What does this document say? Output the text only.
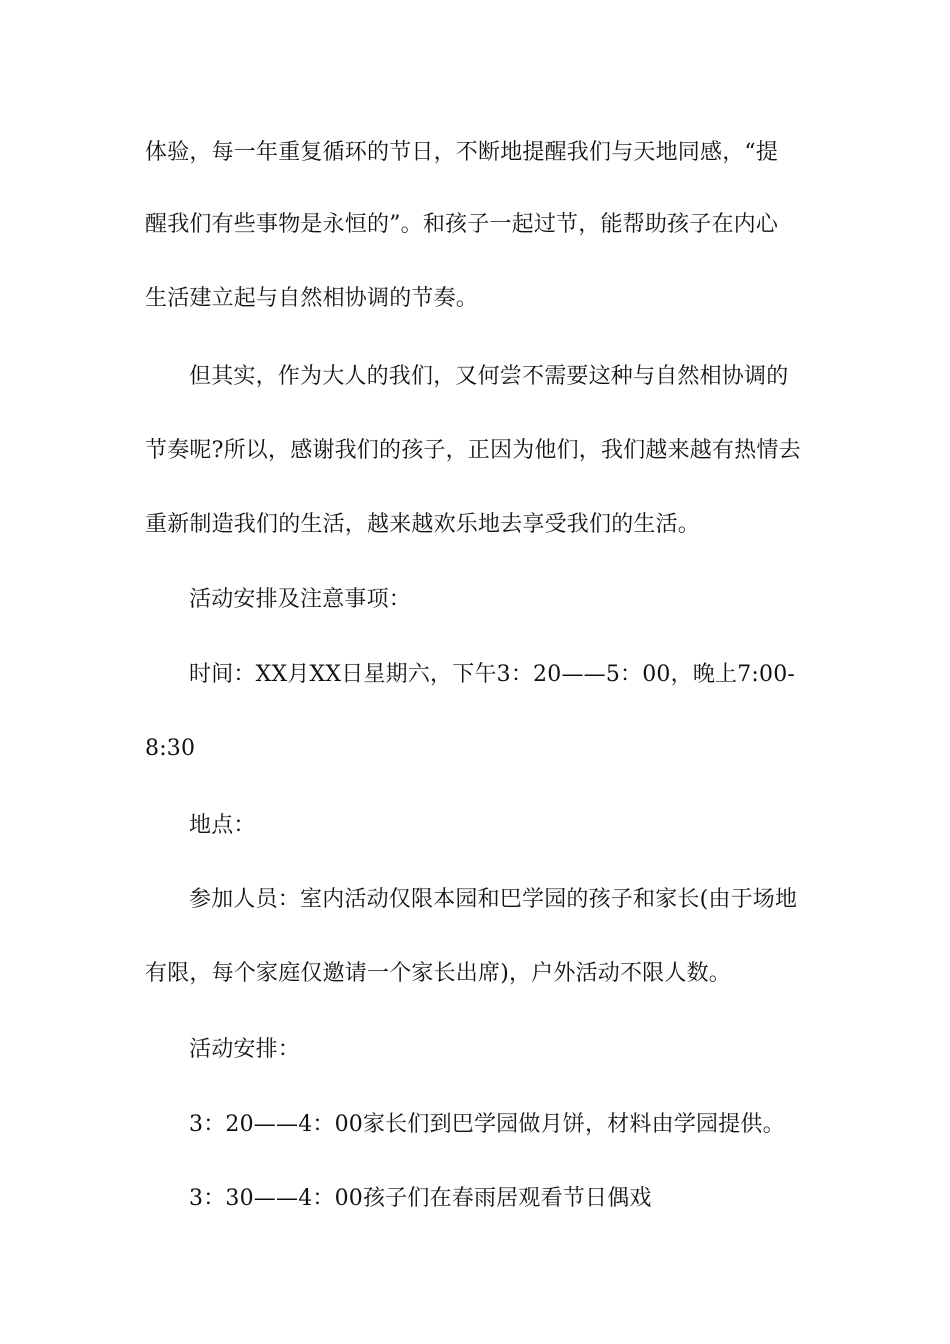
体验，每一年重复循环的节日，不断地提醒我们与天地同感，“提
醒我们有些事物是永恒的”。和孩子一起过节，能帮助孩子在内心
生活建立起与自然相协调的节奏。
但其实，作为大人的我们，又何尝不需要这种与自然相协调的
节奏呢?所以，感谢我们的孩子，正因为他们，我们越来越有热情去
重新制造我们的生活，越来越欢乐地去享受我们的生活。
活动安排及注意事项：
时间：XX月XX日星期六，下午3：20——5：00，晚上7:00-
8:30
地点：
参加人员：室内活动仅限本园和巴学园的孩子和家长(由于场地
有限，每个家庭仅邀请一个家长出席)，户外活动不限人数。
活动安排：
3：20——4：00家长们到巴学园做月饼，材料由学园提供。
3：30——4：00孩子们在春雨居观看节日偶戏
